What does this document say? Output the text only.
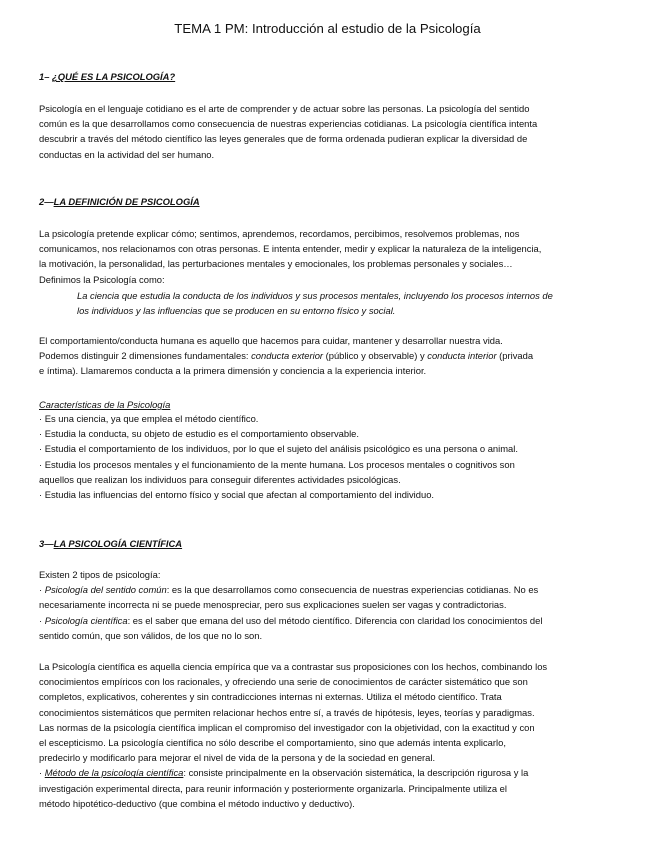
TEMA 1 PM: Introducción al estudio de la Psicología
1– ¿QUÉ ES LA PSICOLOGÍA?
Psicología en el lenguaje cotidiano es el arte de comprender y de actuar sobre las personas. La psicología del sentido
común es la que desarrollamos como consecuencia de nuestras experiencias cotidianas. La psicología científica intenta
descubrir a través del método científico las leyes generales que de forma ordenada pudieran explicar la diversidad de
conductas en la actividad del ser humano.
2—LA DEFINICIÓN DE PSICOLOGÍA
La psicología pretende explicar cómo; sentimos, aprendemos, recordamos, percibimos, resolvemos problemas, nos
comunicamos, nos relacionamos con otras personas. E intenta entender, medir y explicar la naturaleza de la inteligencia,
la motivación, la personalidad, las perturbaciones mentales y emocionales, los problemas personales y sociales…
Definimos la Psicología como:
La ciencia que estudia la conducta de los individuos y sus procesos mentales, incluyendo los procesos internos de
los individuos y las influencias que se producen en su entorno físico y social.
El comportamiento/conducta humana es aquello que hacemos para cuidar, mantener y desarrollar nuestra vida.
Podemos distinguir 2 dimensiones fundamentales: conducta exterior (público y observable) y conducta interior (privada
e íntima). Llamaremos conducta a la primera dimensión y conciencia a la experiencia interior.
Características de la Psicología
· Es una ciencia, ya que emplea el método científico.
· Estudia la conducta, su objeto de estudio es el comportamiento observable.
· Estudia el comportamiento de los individuos, por lo que el sujeto del análisis psicológico es una persona o animal.
· Estudia los procesos mentales y el funcionamiento de la mente humana. Los procesos mentales o cognitivos son
aquellos que realizan los individuos para conseguir diferentes actividades psicológicas.
· Estudia las influencias del entorno físico y social que afectan al comportamiento del individuo.
3—LA PSICOLOGÍA CIENTÍFICA
Existen 2 tipos de psicología:
· Psicología del sentido común: es la que desarrollamos como consecuencia de nuestras experiencias cotidianas. No es
necesariamente incorrecta ni se puede menospreciar, pero sus explicaciones suelen ser vagas y contradictorias.
· Psicología científica: es el saber que emana del uso del método científico. Diferencia con claridad los conocimientos del
sentido común, que son válidos, de los que no lo son.
La Psicología científica es aquella ciencia empírica que va a contrastar sus proposiciones con los hechos, combinando los
conocimientos empíricos con los racionales, y ofreciendo una serie de conocimientos de carácter sistemático que son
completos, explicativos, coherentes y sin contradicciones internas ni externas. Utiliza el método científico. Trata
conocimientos sistemáticos que permiten relacionar hechos entre sí, a través de hipótesis, leyes, teorías y paradigmas.
Las normas de la psicología científica implican el compromiso del investigador con la objetividad, con la exactitud y con
el escepticismo. La psicología científica no sólo describe el comportamiento, sino que además intenta explicarlo,
predecirlo y modificarlo para mejorar el nivel de vida de la persona y de la sociedad en general.
· Método de la psicología científica: consiste principalmente en la observación sistemática, la descripción rigurosa y la
investigación experimental directa, para reunir información y posteriormente organizarla. Principalmente utiliza el
método hipotético-deductivo (que combina el método inductivo y deductivo).
